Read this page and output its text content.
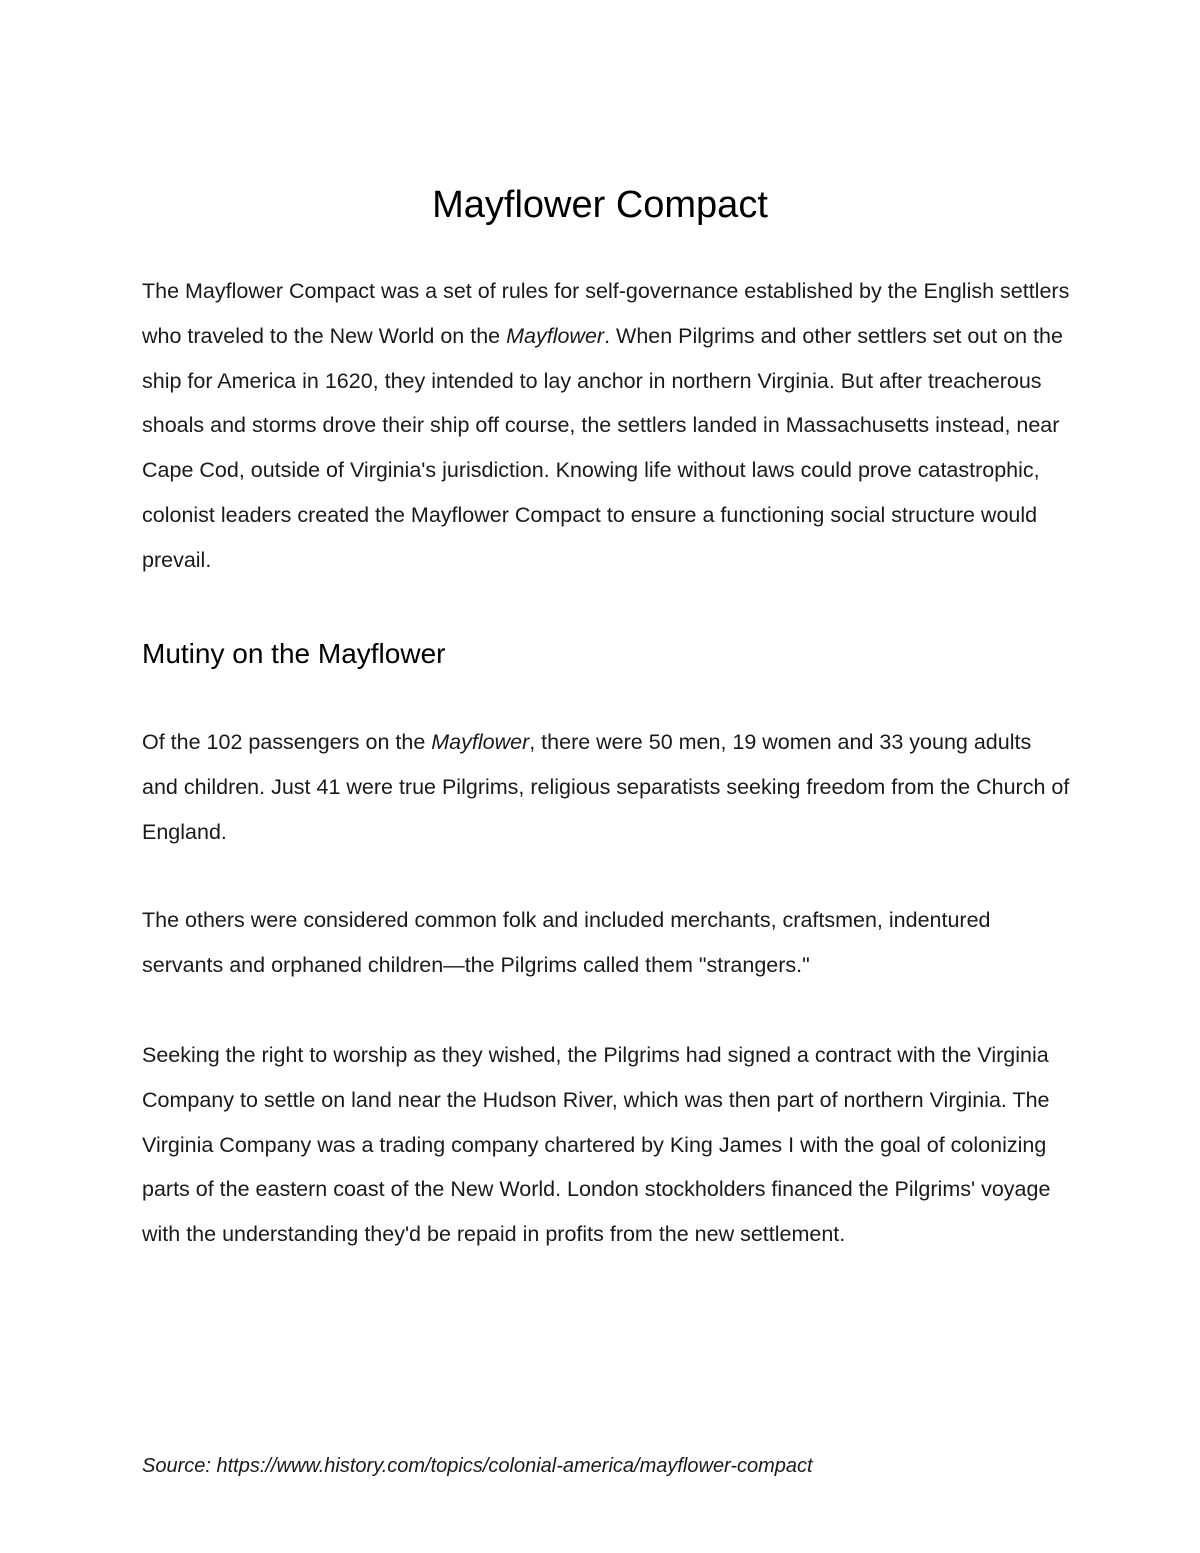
Mayflower Compact

The Mayflower Compact was a set of rules for self-governance established by the English settlers who traveled to the New World on the Mayflower. When Pilgrims and other settlers set out on the ship for America in 1620, they intended to lay anchor in northern Virginia. But after treacherous shoals and storms drove their ship off course, the settlers landed in Massachusetts instead, near Cape Cod, outside of Virginia's jurisdiction. Knowing life without laws could prove catastrophic, colonist leaders created the Mayflower Compact to ensure a functioning social structure would prevail.

Mutiny on the Mayflower

Of the 102 passengers on the Mayflower, there were 50 men, 19 women and 33 young adults and children. Just 41 were true Pilgrims, religious separatists seeking freedom from the Church of England.

The others were considered common folk and included merchants, craftsmen, indentured servants and orphaned children—the Pilgrims called them "strangers."

Seeking the right to worship as they wished, the Pilgrims had signed a contract with the Virginia Company to settle on land near the Hudson River, which was then part of northern Virginia. The Virginia Company was a trading company chartered by King James I with the goal of colonizing parts of the eastern coast of the New World. London stockholders financed the Pilgrims' voyage with the understanding they'd be repaid in profits from the new settlement.

Source: https://www.history.com/topics/colonial-america/mayflower-compact
